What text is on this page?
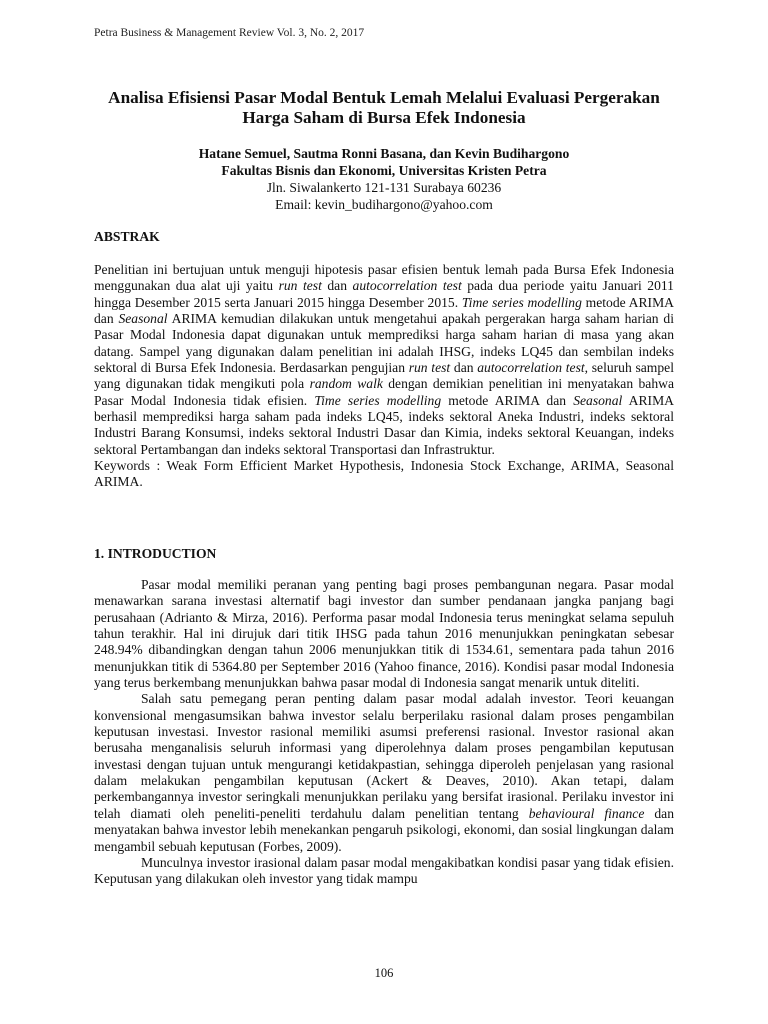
Petra Business & Management Review Vol. 3, No. 2, 2017
Analisa Efisiensi Pasar Modal Bentuk Lemah Melalui Evaluasi Pergerakan
Harga Saham di Bursa Efek Indonesia
Hatane Semuel, Sautma Ronni Basana, dan Kevin Budihargono
Fakultas Bisnis dan Ekonomi, Universitas Kristen Petra
Jln. Siwalankerto 121-131 Surabaya 60236
Email: kevin_budihargono@yahoo.com
ABSTRAK

Penelitian ini bertujuan untuk menguji hipotesis pasar efisien bentuk lemah pada Bursa Efek Indonesia menggunakan dua alat uji yaitu run test dan autocorrelation test pada dua periode yaitu Januari 2011 hingga Desember 2015 serta Januari 2015 hingga Desember 2015. Time series modelling metode ARIMA dan Seasonal ARIMA kemudian dilakukan untuk mengetahui apakah pergerakan harga saham harian di Pasar Modal Indonesia dapat digunakan untuk memprediksi harga saham harian di masa yang akan datang. Sampel yang digunakan dalam penelitian ini adalah IHSG, indeks LQ45 dan sembilan indeks sektoral di Bursa Efek Indonesia. Berdasarkan pengujian run test dan autocorrelation test, seluruh sampel yang digunakan tidak mengikuti pola random walk dengan demikian penelitian ini menyatakan bahwa Pasar Modal Indonesia tidak efisien. Time series modelling metode ARIMA dan Seasonal ARIMA berhasil memprediksi harga saham pada indeks LQ45, indeks sektoral Aneka Industri, indeks sektoral Industri Barang Konsumsi, indeks sektoral Industri Dasar dan Kimia, indeks sektoral Keuangan, indeks sektoral Pertambangan dan indeks sektoral Transportasi dan Infrastruktur.

Keywords : Weak Form Efficient Market Hypothesis, Indonesia Stock Exchange, ARIMA, Seasonal ARIMA.

1. INTRODUCTION

Pasar modal memiliki peranan yang penting bagi proses pembangunan negara. Pasar modal menawarkan sarana investasi alternatif bagi investor dan sumber pendanaan jangka panjang bagi perusahaan (Adrianto & Mirza, 2016). Performa pasar modal Indonesia terus meningkat selama sepuluh tahun terakhir. Hal ini dirujuk dari titik IHSG pada tahun 2016 menunjukkan peningkatan sebesar 248.94% dibandingkan dengan tahun 2006 menunjukkan titik di 1534.61, sementara pada tahun 2016 menunjukkan titik di 5364.80 per September 2016 (Yahoo finance, 2016). Kondisi pasar modal Indonesia yang terus berkembang menunjukkan bahwa pasar modal di Indonesia sangat menarik untuk diteliti.

Salah satu pemegang peran penting dalam pasar modal adalah investor. Teori keuangan konvensional mengasumsikan bahwa investor selalu berperilaku rasional dalam proses pengambilan keputusan investasi. Investor rasional memiliki asumsi preferensi rasional. Investor rasional akan berusaha menganalisis seluruh informasi yang diperolehnya dalam proses pengambilan keputusan investasi dengan tujuan untuk mengurangi ketidakpastian, sehingga diperoleh penjelasan yang rasional dalam melakukan pengambilan keputusan (Ackert & Deaves, 2010). Akan tetapi, dalam perkembangannya investor seringkali menunjukkan perilaku yang bersifat irasional. Perilaku investor ini telah diamati oleh peneliti-peneliti terdahulu dalam penelitian tentang behavioural finance dan menyatakan bahwa investor lebih menekankan pengaruh psikologi, ekonomi, dan sosial lingkungan dalam mengambil sebuah keputusan (Forbes, 2009).

Munculnya investor irasional dalam pasar modal mengakibatkan kondisi pasar yang tidak efisien. Keputusan yang dilakukan oleh investor yang tidak mampu

106
